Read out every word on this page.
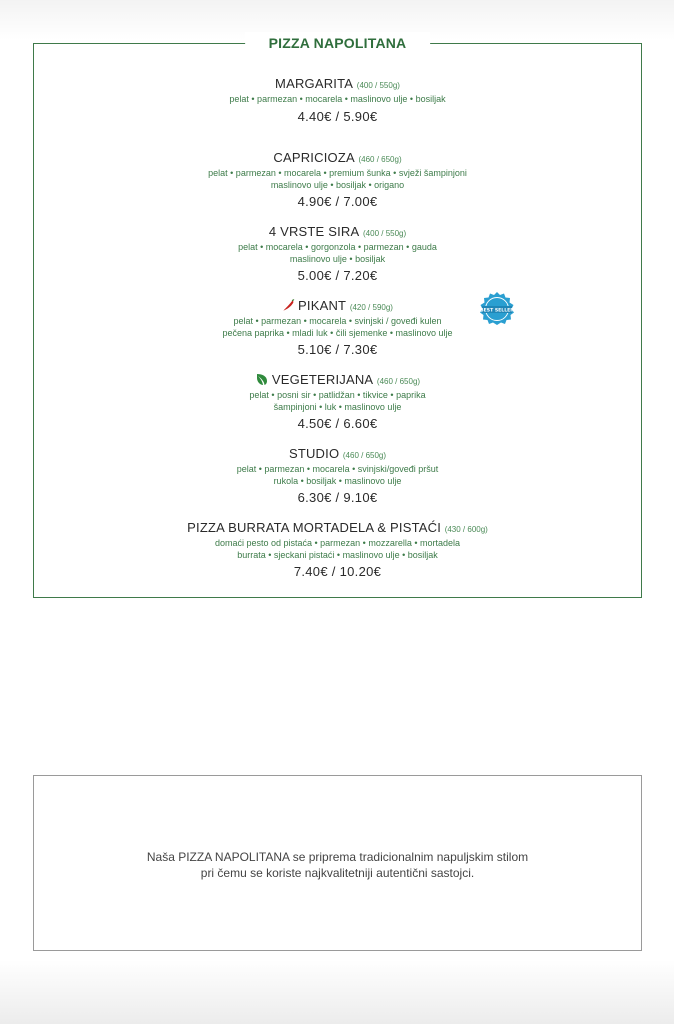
PIZZA NAPOLITANA
MARGARITA (400 / 550g)
pelat • parmezan • mocarela • maslinovo ulje • bosiljak
4.40€ / 5.90€
CAPRICIOZA (460 / 650g)
pelat • parmezan • mocarela • premium šunka • svježi šampinjoni
maslinovo ulje • bosiljak • origano
4.90€ / 7.00€
4 VRSTE SIRA (400 / 550g)
pelat • mocarela • gorgonzola • parmezan • gauda
maslinovo ulje • bosiljak
5.00€ / 7.20€
PIKANT (420 / 590g)
pelat • parmezan • mocarela • svinjski / goveđi kulen
pečena paprika • mladi luk • čili sjemenke • maslinovo ulje
5.10€ / 7.30€
VEGETERIJANA (460 / 650g)
pelat • posni sir • patlidžan • tikvice • paprika
šampinjoni • luk • maslinovo ulje
4.50€ / 6.60€
STUDIO (460 / 650g)
pelat • parmezan • mocarela • svinjski/goveđi pršut
rukola • bosiljak • maslinovo ulje
6.30€ / 9.10€
PIZZA BURRATA MORTADELA & PISTAĆI (430 / 600g)
domaći pesto od pistaća • parmezan • mozzarella • mortadela
burrata • sjeckani pistaći • maslinovo ulje • bosiljak
7.40€ / 10.20€
BEST SELLER
Naša PIZZA NAPOLITANA se priprema tradicionalnim napuljskim stilom
pri čemu se koriste najkvalitetniji autentični sastojci.
